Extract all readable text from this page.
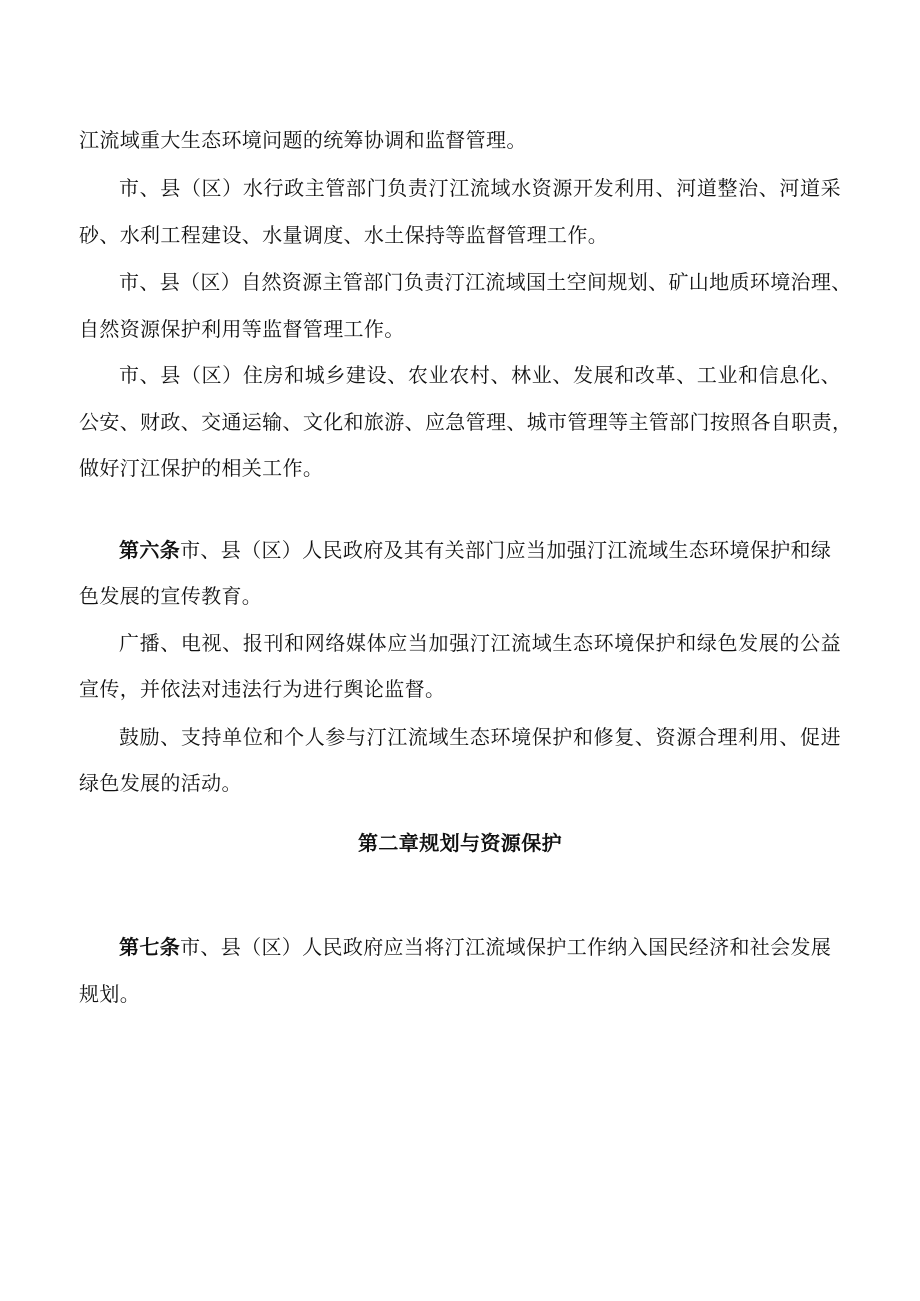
江流域重大生态环境问题的统筹协调和监督管理。
市、县（区）水行政主管部门负责汀江流域水资源开发利用、河道整治、河道采
砂、水利工程建设、水量调度、水土保持等监督管理工作。
市、县（区）自然资源主管部门负责汀江流域国土空间规划、矿山地质环境治理、
自然资源保护利用等监督管理工作。
市、县（区）住房和城乡建设、农业农村、林业、发展和改革、工业和信息化、
公安、财政、交通运输、文化和旅游、应急管理、城市管理等主管部门按照各自职责，
做好汀江保护的相关工作。
第六条市、县（区）人民政府及其有关部门应当加强汀江流域生态环境保护和绿
色发展的宣传教育。
广播、电视、报刊和网络媒体应当加强汀江流域生态环境保护和绿色发展的公益
宣传，并依法对违法行为进行舆论监督。
鼓励、支持单位和个人参与汀江流域生态环境保护和修复、资源合理利用、促进
绿色发展的活动。
第二章规划与资源保护
第七条市、县（区）人民政府应当将汀江流域保护工作纳入国民经济和社会发展
规划。
